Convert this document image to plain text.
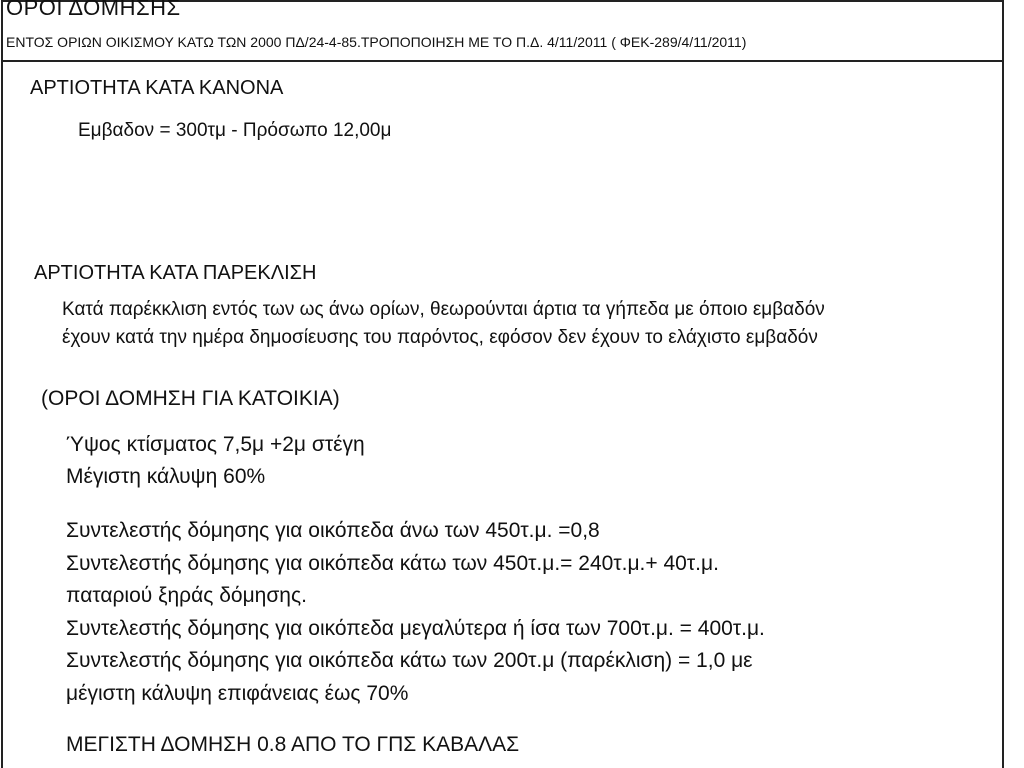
ΟΡΟΙ ΔΟΜΗΣΗΣ
ΕΝΤΟΣ ΟΡΙΩΝ ΟΙΚΙΣΜΟΥ ΚΑΤΩ ΤΩΝ 2000 ΠΔ/24-4-85.ΤΡΟΠΟΠΟΙΗΣΗ ΜΕ ΤΟ Π.Δ. 4/11/2011 ( ΦΕΚ-289/4/11/2011)
ΑΡΤΙΟΤΗΤΑ ΚΑΤΑ ΚΑΝΟΝΑ
Εμβαδον = 300τμ - Πρόσωπο 12,00μ
ΑΡΤΙΟΤΗΤΑ ΚΑΤΑ ΠΑΡΕΚΛΙΣΗ
Κατά παρέκκλιση εντός των ως άνω ορίων, θεωρούνται άρτια τα γήπεδα με όποιο εμβαδόν
έχουν κατά την ημέρα δημοσίευσης του παρόντος, εφόσον δεν έχουν το ελάχιστο εμβαδόν
(ΟΡΟΙ ΔΟΜΗΣΗ ΓΙΑ ΚΑΤΟΙΚΙΑ)
Ύψος κτίσματος 7,5μ +2μ στέγη
Μέγιστη κάλυψη 60%
Συντελεστής δόμησης για οικόπεδα άνω των 450τ.μ. =0,8
Συντελεστής δόμησης για οικόπεδα κάτω των 450τ.μ.= 240τ.μ.+ 40τ.μ.
παταριού ξηράς δόμησης.
Συντελεστής δόμησης για οικόπεδα μεγαλύτερα ή ίσα των 700τ.μ. = 400τ.μ.
Συντελεστής δόμησης για οικόπεδα κάτω των 200τ.μ (παρέκλιση) = 1,0 με
μέγιστη κάλυψη επιφάνειας έως 70%
ΜΕΓΙΣΤΗ ΔΟΜΗΣΗ 0.8 ΑΠΟ ΤΟ ΓΠΣ ΚΑΒΑΛΑΣ
